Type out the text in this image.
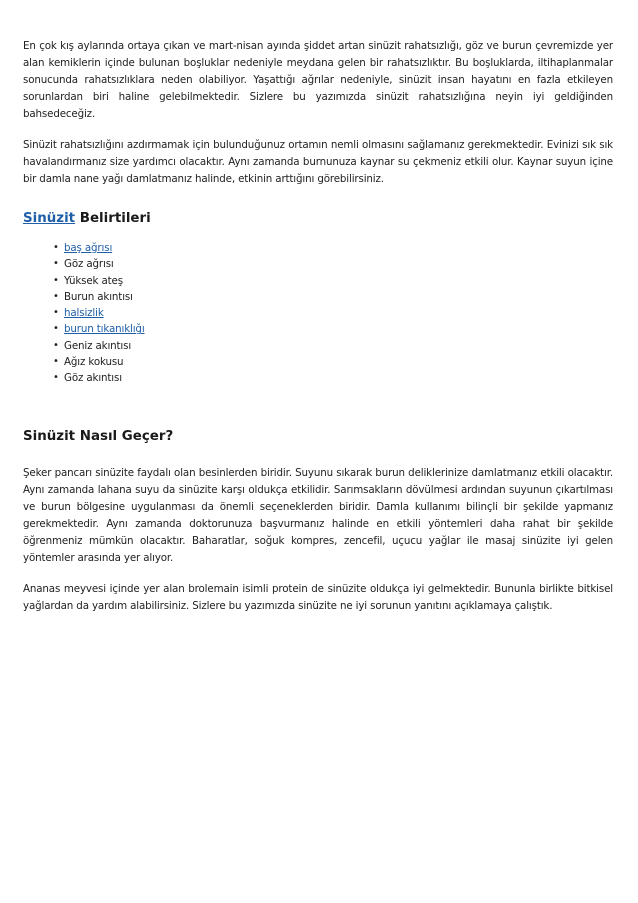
En çok kış aylarında ortaya çıkan ve mart-nisan ayında şiddet artan sinüzit rahatsızlığı, göz ve burun çevremizde yer alan kemiklerin içinde bulunan boşluklar nedeniyle meydana gelen bir rahatsızlıktır. Bu boşluklarda, iltihaplanmalar sonucunda rahatsızlıklara neden olabiliyor. Yaşattığı ağrılar nedeniyle, sinüzit insan hayatını en fazla etkileyen sorunlardan biri haline gelebilmektedir. Sizlere bu yazımızda sinüzit rahatsızlığına neyin iyi geldiğinden bahsedeceğiz.

Sinüzit rahatsızlığını azdırmamak için bulunduğunuz ortamın nemli olmasını sağlamanız gerekmektedir. Evinizi sık sık havalandırmanız size yardımcı olacaktır. Aynı zamanda burnunuza kaynar su çekmeniz etkili olur. Kaynar suyun içine bir damla nane yağı damlatmanız halinde, etkinin arttığını görebilirsiniz.

Sinüzit Belirtileri
• baş ağrısı
• Göz ağrısı
• Yüksek ateş
• Burun akıntısı
• halsizlik
• burun tıkanıklığı
• Geniz akıntısı
• Ağız kokusu
• Göz akıntısı
Sinüzit Nasıl Geçer?

Şeker pancarı sinüzite faydalı olan besinlerden biridir. Suyunu sıkarak burun deliklerinize damlatmanız etkili olacaktır. Aynı zamanda lahana suyu da sinüzite karşı oldukça etkilidir. Sarımsakların dövülmesi ardından suyunun çıkartılması ve burun bölgesine uygulanması da önemli seçeneklerden biridir. Damla kullanımı bilinçli bir şekilde yapmanız gerekmektedir. Aynı zamanda doktorunuza başvurmanız halinde en etkili yöntemleri daha rahat bir şekilde öğrenmeniz mümkün olacaktır. Baharatlar, soğuk kompres, zencefil, uçucu yağlar ile masaj sinüzite iyi gelen yöntemler arasında yer alıyor.

Ananas meyvesi içinde yer alan brolemain isimli protein de sinüzite oldukça iyi gelmektedir. Bununla birlikte bitkisel yağlardan da yardım alabilirsiniz. Sizlere bu yazımızda sinüzite ne iyi sorunun yanıtını açıklamaya çalıştık.
